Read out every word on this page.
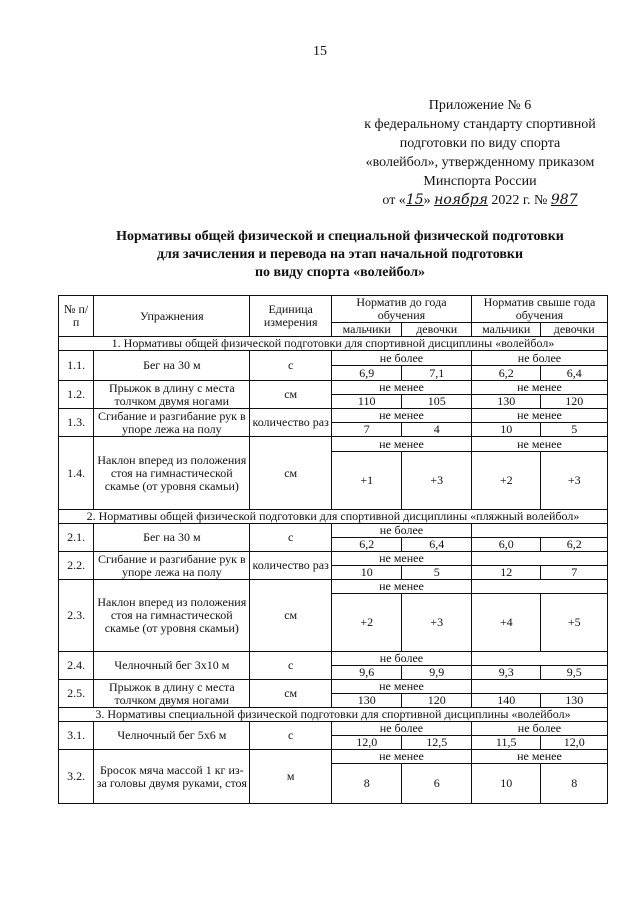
15
Приложение № 6
к федеральному стандарту спортивной
подготовки по виду спорта
«волейбол», утвержденному приказом
Минспорта России
от «15» ноября 2022 г. № 987
Нормативы общей физической и специальной физической подготовки
для зачисления и перевода на этап начальной подготовки
по виду спорта «волейбол»
№ п/п	Упражнения	Единица измерения	Норматив до года обучения		Норматив свыше года обучения	
			мальчики	девочки	мальчики	девочки
1. Нормативы общей физической подготовки для спортивной дисциплины «волейбол»						
1.1.	Бег на 30 м	с	не более		не более	
			6,9	7,1	6,2	6,4
1.2.	Прыжок в длину с места толчком двумя ногами	см	не менее		не менее	
			110	105	130	120
1.3.	Сгибание и разгибание рук в упоре лежа на полу	количество раз	не менее		не менее	
			7	4	10	5
1.4.	Наклон вперед из положения стоя на гимнастической скамье (от уровня скамьи)	см	не менее		не менее	
			+1	+3	+2	+3
2. Нормативы общей физической подготовки для спортивной дисциплины «пляжный волейбол»						
2.1.	Бег на 30 м	с	не более			
			6,2	6,4	6,0	6,2
2.2.	Сгибание и разгибание рук в упоре лежа на полу	количество раз	не менее			
			10	5	12	7
2.3.	Наклон вперед из положения стоя на гимнастической скамье (от уровня скамьи)	см	не менее			
			+2	+3	+4	+5
2.4.	Челночный бег 3x10 м	с	не более			
			9,6	9,9	9,3	9,5
2.5.	Прыжок в длину с места толчком двумя ногами	см	не менее			
			130	120	140	130
3. Нормативы специальной физической подготовки для спортивной дисциплины «волейбол»						
3.1.	Челночный бег 5x6 м	с	не более		не более	
			12,0	12,5	11,5	12,0
3.2.	Бросок мяча массой 1 кг из-за головы двумя руками, стоя	м	не менее		не менее	
			8	6	10	8
